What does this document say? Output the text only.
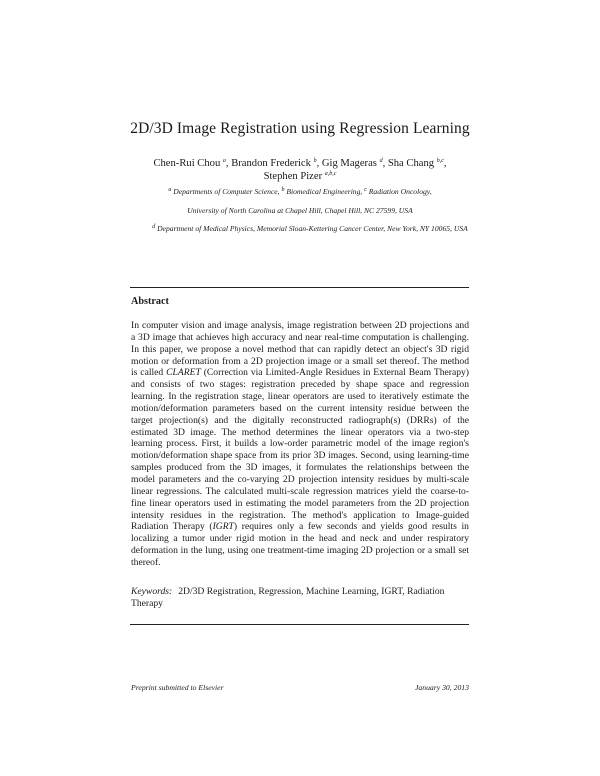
2D/3D Image Registration using Regression Learning
Chen-Rui Chou $^a$, Brandon Frederick $^b$, Gig Mageras $^d$, Sha Chang $^{b,c}$,
Stephen Pizer $^{a,b,c}$
$^a$ Departments of Computer Science, $^b$ Biomedical Engineering, $^c$ Radiation Oncology,
University of North Carolina at Chapel Hill, Chapel Hill, NC 27599, USA
$^d$ Department of Medical Physics, Memorial Sloan-Kettering Cancer Center, New York, NY 10065, USA
Abstract

In computer vision and image analysis, image registration between 2D projections and a 3D image that achieves high accuracy and near real-time computation is challenging. In this paper, we propose a novel method that can rapidly detect an object's 3D rigid motion or deformation from a 2D projection image or a small set thereof. The method is called CLARET (Correction via Limited-Angle Residues in External Beam Therapy) and consists of two stages: registration preceded by shape space and regression learning. In the registration stage, linear operators are used to iteratively estimate the motion/deformation parameters based on the current intensity residue between the target projection(s) and the digitally reconstructed radiograph(s) (DRRs) of the estimated 3D image. The method determines the linear operators via a two-step learning process. First, it builds a low-order parametric model of the image region's motion/deformation shape space from its prior 3D images. Second, using learning-time samples produced from the 3D images, it formulates the relationships between the model parameters and the co-varying 2D projection intensity residues by multi-scale linear regressions. The calculated multi-scale regression matrices yield the coarse-to-fine linear operators used in estimating the model parameters from the 2D projection intensity residues in the registration. The method's application to Image-guided Radiation Therapy (IGRT) requires only a few seconds and yields good results in localizing a tumor under rigid motion in the head and neck and under respiratory deformation in the lung, using one treatment-time imaging 2D projection or a small set thereof.

Keywords: 2D/3D Registration, Regression, Machine Learning, IGRT, Radiation Therapy
Preprint submitted to Elsevier	January 30, 2013
